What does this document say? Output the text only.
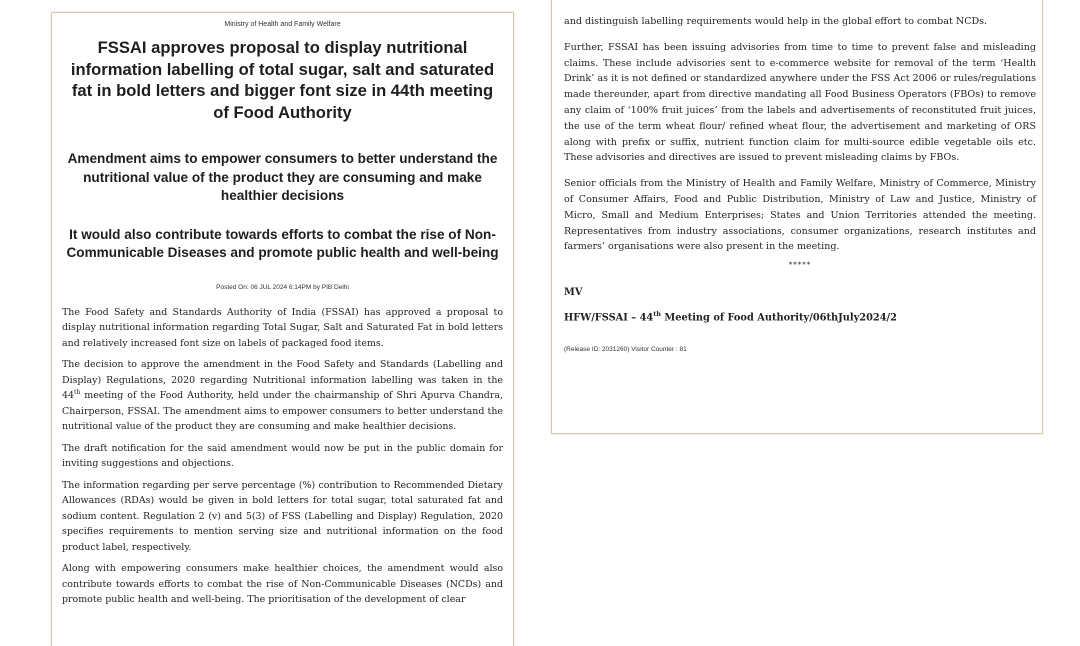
Ministry of Health and Family Welfare
FSSAI approves proposal to display nutritional information labelling of total sugar, salt and saturated fat in bold letters and bigger font size in 44th meeting of Food Authority
Amendment aims to empower consumers to better understand the nutritional value of the product they are consuming and make healthier decisions
It would also contribute towards efforts to combat the rise of Non-Communicable Diseases and promote public health and well-being
Posted On: 06 JUL 2024 6:14PM by PIB Delhi

The Food Safety and Standards Authority of India (FSSAI) has approved a proposal to display nutritional information regarding Total Sugar, Salt and Saturated Fat in bold letters and relatively increased font size on labels of packaged food items.

The decision to approve the amendment in the Food Safety and Standards (Labelling and Display) Regulations, 2020 regarding Nutritional information labelling was taken in the 44th meeting of the Food Authority, held under the chairmanship of Shri Apurva Chandra, Chairperson, FSSAI. The amendment aims to empower consumers to better understand the nutritional value of the product they are consuming and make healthier decisions.

The draft notification for the said amendment would now be put in the public domain for inviting suggestions and objections.

The information regarding per serve percentage (%) contribution to Recommended Dietary Allowances (RDAs) would be given in bold letters for total sugar, total saturated fat and sodium content. Regulation 2 (v) and 5(3) of FSS (Labelling and Display) Regulation, 2020 specifies requirements to mention serving size and nutritional information on the food product label, respectively.

Along with empowering consumers make healthier choices, the amendment would also contribute towards efforts to combat the rise of Non-Communicable Diseases (NCDs) and promote public health and well-being. The prioritisation of the development of clear

and distinguish labelling requirements would help in the global effort to combat NCDs.

Further, FSSAI has been issuing advisories from time to time to prevent false and misleading claims. These include advisories sent to e-commerce website for removal of the term ‘Health Drink’ as it is not defined or standardized anywhere under the FSS Act 2006 or rules/regulations made thereunder, apart from directive mandating all Food Business Operators (FBOs) to remove any claim of ‘100% fruit juices’ from the labels and advertisements of reconstituted fruit juices, the use of the term wheat flour/ refined wheat flour, the advertisement and marketing of ORS along with prefix or suffix, nutrient function claim for multi-source edible vegetable oils etc. These advisories and directives are issued to prevent misleading claims by FBOs.

Senior officials from the Ministry of Health and Family Welfare, Ministry of Commerce, Ministry of Consumer Affairs, Food and Public Distribution, Ministry of Law and Justice, Ministry of Micro, Small and Medium Enterprises; States and Union Territories attended the meeting. Representatives from industry associations, consumer organizations, research institutes and farmers’ organisations were also present in the meeting.

*****
MV
HFW/FSSAI – 44th Meeting of Food Authority/06thJuly2024/2
(Release ID: 2031260) Visitor Counter : 81
